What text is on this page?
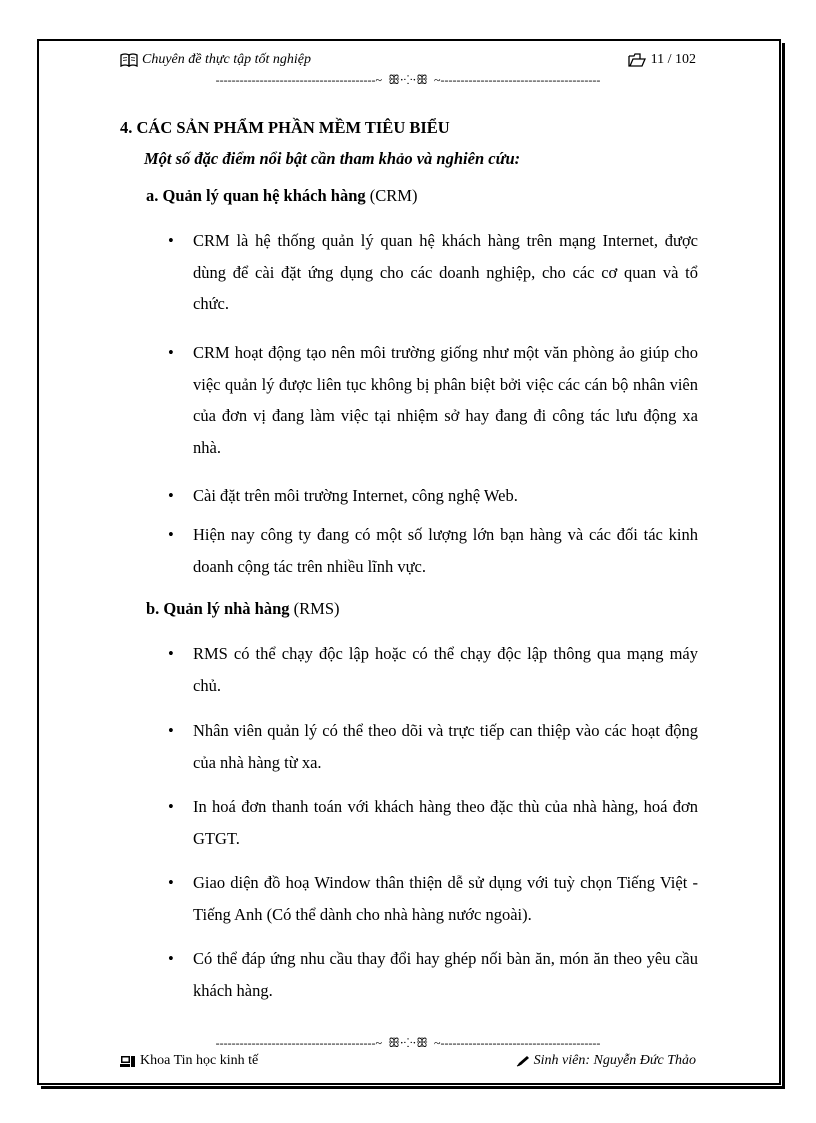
Chuyên đề thực tập tốt nghiệp	11 / 102
----------------------------------------~ ꕥ∙⁘∙ꕥ ~----------------------------------------
4. CÁC SẢN PHẨM PHẦN MỀM TIÊU BIỂU
Một số đặc điểm nổi bật cần tham khảo và nghiên cứu:
a. Quản lý quan hệ khách hàng (CRM)
• CRM là hệ thống quản lý quan hệ khách hàng trên mạng Internet, được dùng để cài đặt ứng dụng cho các doanh nghiệp, cho các cơ quan và tổ chức.
• CRM hoạt động tạo nên môi trường giống như một văn phòng ảo giúp cho việc quản lý được liên tục không bị phân biệt bởi việc các cán bộ nhân viên của đơn vị đang làm việc tại nhiệm sở hay đang đi công tác lưu động xa nhà.
• Cài đặt trên môi trường Internet, công nghệ Web.
• Hiện nay công ty đang có một số lượng lớn bạn hàng và các đối tác kinh doanh cộng tác trên nhiều lĩnh vực.
b. Quản lý nhà hàng (RMS)
• RMS có thể chạy độc lập hoặc có thể chạy độc lập thông qua mạng máy chủ.
• Nhân viên quản lý có thể theo dõi và trực tiếp can thiệp vào các hoạt động của nhà hàng từ xa.
• In hoá đơn thanh toán với khách hàng theo đặc thù của nhà hàng, hoá đơn GTGT.
• Giao diện đồ hoạ Window thân thiện dễ sử dụng với tuỳ chọn Tiếng Việt - Tiếng Anh (Có thể dành cho nhà hàng nước ngoài).
• Có thể đáp ứng nhu cầu thay đổi hay ghép nối bàn ăn, món ăn theo yêu cầu khách hàng.
----------------------------------------~ ꕥ∙⁘∙ꕥ ~----------------------------------------
Khoa Tin học kinh tế	Sinh viên: Nguyễn Đức Thảo
